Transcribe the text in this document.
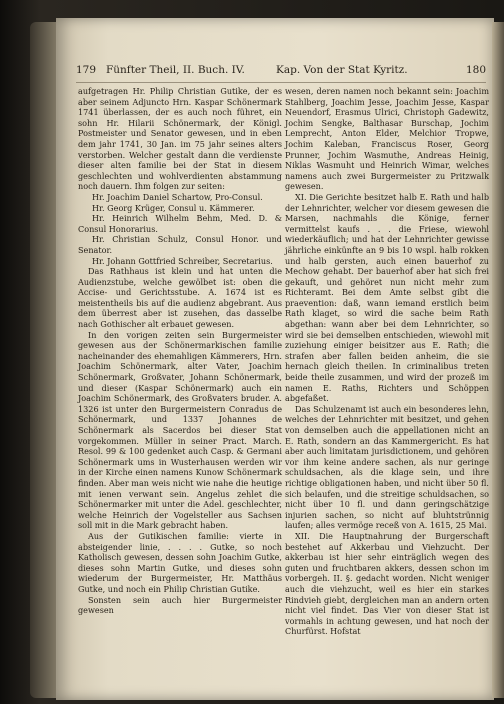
179 Fünfter Theil, II. Buch. IV.	Kap. Von der Stat Kyritz.	180

aufgetragen Hr. Philip Christian Gutike, der es aber seinem Adjuncto Hrn. Kaspar Schönermark 1741 überlassen, der es auch noch führet, ein sohn Hr. Hilarii Schönermark, der Königl. Postmeister und Senator gewesen, und in eben dem jahr 1741, 30 Jan. im 75 jahr seines alters verstorben. Welcher gestalt dann die verdienste dieser alten familie bei der Stat in diesem geschlechten und wohlverdienten abstammung noch dauern. Ihm folgen zur seiten:

Hr. Joachim Daniel Schartow, Pro-Consul.

Hr. Georg Krüger, Consul u. Kämmerer.

Hr. Heinrich Wilhelm Behm, Med. D. & Consul Honorarius.

Hr. Christian Schulz, Consul Honor. und Senator.

Hr. Johann Gottfried Schreiber, Secretarius.

Das Rathhaus ist klein und hat unten die Audienzstube, welche gewölbet ist: oben die Accise- und Gerichtsstube. A. 1674 ist es meistentheils bis auf die audienz abgebrant. Aus dem überrest aber ist zusehen, das dasselbe nach Gothischer alt erbauet gewesen.

In den vorigen zeiten sein Burgermeister gewesen aus der Schönermarkischen familie nacheinander des ehemahligen Kämmerers, Hrn. Joachim Schönermark, alter Vater, Joachim Schönermark, Großvater, Johann Schönermark, und dieser (Kaspar Schönermark) auch ein Joachim Schönermark, des Großvaters bruder. A. 1326 ist unter den Burgermeistern Conradus de Schönermark, und 1337 Johannes de Schönermark als Sacerdos bei dieser Stat vorgekommen. Müller in seiner Pract. March. Resol. 99 & 100 gedenket auch Casp. & Germani Schönermark ums in Wusterhausen werden wir in der Kirche einen namens Kunow Schönermark finden. Aber man weis nicht wie nahe die heutige mit ienen verwant sein. Angelus zehlet die Schönermarker mit unter die Adel. geschlechter, welche Heinrich der Vogelsteller aus Sachsen soll mit in die Mark gebracht haben.

Aus der Gutikischen familie: vierte in absteigender linie, . . . . Gutke, so noch Katholisch gewesen, dessen sohn Joachim Gutke, dieses sohn Martin Gutke, und dieses sohn wiederum der Burgermeister, Hr. Matthäus Gutke, und noch ein Philip Christian Gutike.

Sonsten sein auch hier Burgermeister gewesen

wesen, deren namen noch bekannt sein: Joachim Stahlberg, Joachim Jesse, Joachim Jesse, Kaspar Neuendorf, Erasmus Ulrici, Christoph Gadewitz, Jochim Sengke, Balthasar Burschap, Jochim Lemprecht, Anton Elder, Melchior Tropwe, Jochim Kaleban, Franciscus Roser, Georg Prunner, Jochim Wasmuthe, Andreas Heinig, Niklas Wasmuht und Heinrich Wimar, welches namens auch zwei Burgermeister zu Pritzwalk gewesen.

XI. Die Gerichte besitzet halb E. Rath und halb der Lehnrichter, welcher vor diesem gewesen die Marsen, nachmahls die Könige, ferner vermittelst kaufs . . . die Friese, wiewohl wiederkäuflich; und hat der Lehnrichter gewisse jährliche einkünfte an 9 bis 10 wspl. halb rokken und halb gersten, auch einen bauerhof zu Mechow gehabt. Der bauerhof aber hat sich frei gekauft, und gehöret nun nicht mehr zum Richteramt. Bei dem Amte selbst gibt die praevention: daß, wann iemand erstlich beim Rath klaget, so wird die sache beim Rath abgethan: wann aber bei dem Lehnrichter, so wird sie bei demselben entschieden, wiewohl mit zuziehung einiger beisitzer aus E. Rath; die strafen aber fallen beiden anheim, die sie hernach gleich theilen. In criminalibus treten beide theile zusammen, und wird der prozeß im namen E. Raths, Richters und Schöppen abgefaßet.

Das Schulzenamt ist auch ein besonderes lehn, welches der Lehnrichter mit besitzet, und gehen von demselben auch die appellationen nicht an E. Rath, sondern an das Kammergericht. Es hat aber auch limitatam jurisdictionem, und gehören vor ihm keine andere sachen, als nur geringe schuldsachen, als die klage sein, und ihre richtige obligationen haben, und nicht über 50 fl. sich belaufen, und die streitige schuldsachen, so nicht über 10 fl. und dann geringschätzige injurien sachen, so nicht auf bluhtstrünnig laufen; alles vermöge receß von A. 1615, 25 Mai.

XII. Die Hauptnahrung der Burgerschaft bestehet auf Akkerbau und Viehzucht. Der akkerbau ist hier sehr einträglich wegen des guten und fruchtbaren akkers, dessen schon im vorbergeh. II. §. gedacht worden. Nicht weniger auch die viehzucht, weil es hier ein starkes Rindvieh giebt, dergleichen man an andern orten nicht viel findet. Das Vier von dieser Stat ist vormahls in achtung gewesen, und hat noch der Churfürst. Hofstat
